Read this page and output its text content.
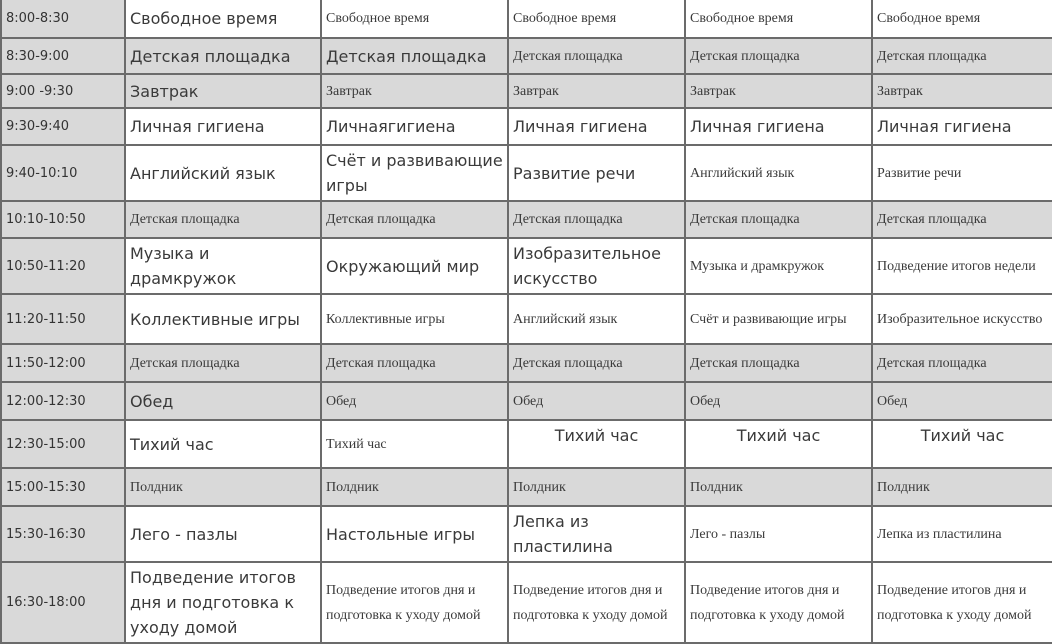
8:00-8:30	Свободное время	Свободное время	Свободное время	Свободное время	Свободное время
8:30-9:00	Детская площадка	Детская площадка	Детская площадка	Детская площадка	Детская площадка
9:00 -9:30	Завтрак	Завтрак	Завтрак	Завтрак	Завтрак
9:30-9:40	Личная гигиена	Личнаягигиена	Личная гигиена	Личная гигиена	Личная гигиена
9:40-10:10	Английский язык	Счёт и развивающие игры	Развитие речи	Английский язык	Развитие речи
10:10-10:50	Детская площадка	Детская площадка	Детская площадка	Детская площадка	Детская площадка
10:50-11:20	Музыка и драмкружок	Окружающий мир	Изобразительное искусство	Музыка и драмкружок	Подведение итогов недели
11:20-11:50	Коллективные игры	Коллективные игры	Английский язык	Счёт и развивающие игры	Изобразительное искусство
11:50-12:00	Детская площадка	Детская площадка	Детская площадка	Детская площадка	Детская площадка
12:00-12:30	Обед	Обед	Обед	Обед	Обед
12:30-15:00	Тихий час	Тихий час	Тихий час	Тихий час	Тихий час
15:00-15:30	Полдник	Полдник	Полдник	Полдник	Полдник
15:30-16:30	Лего - пазлы	Настольные игры	Лепка из пластилина	Лего - пазлы	Лепка из пластилина
16:30-18:00	Подведение итогов дня и подготовка к уходу домой	Подведение итогов дня и подготовка к уходу домой	Подведение итогов дня и подготовка к уходу домой	Подведение итогов дня и подготовка к уходу домой	Подведение итогов дня и подготовка к уходу домой
